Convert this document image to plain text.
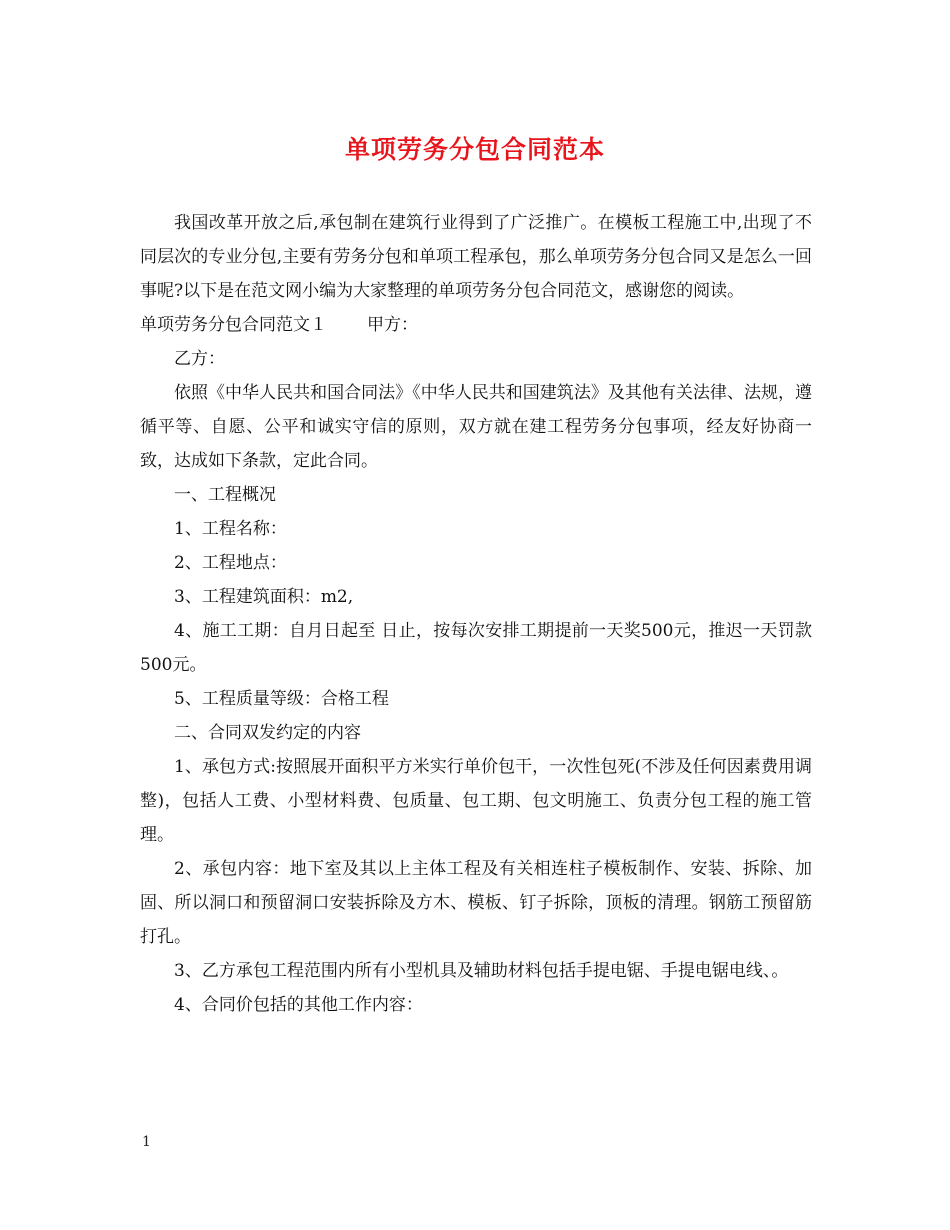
单项劳务分包合同范本

我国改革开放之后,承包制在建筑行业得到了广泛推广。在模板工程施工中,出现了不同层次的专业分包,主要有劳务分包和单项工程承包，那么单项劳务分包合同又是怎么一回事呢?以下是在范文网小编为大家整理的单项劳务分包合同范文，感谢您的阅读。

单项劳务分包合同范文１ 甲方：

乙方：

依照《中华人民共和国合同法》《中华人民共和国建筑法》及其他有关法律、法规，遵循平等、自愿、公平和诚实守信的原则，双方就在建工程劳务分包事项，经友好协商一致，达成如下条款，定此合同。

一、工程概况

1、工程名称：

2、工程地点：

3、工程建筑面积：m2,

4、施工工期：自月日起至 日止，按每次安排工期提前一天奖500元，推迟一天罚款500元。

5、工程质量等级：合格工程

二、合同双发约定的内容

1、承包方式:按照展开面积平方米实行单价包干，一次性包死(不涉及任何因素费用调整)，包括人工费、小型材料费、包质量、包工期、包文明施工、负责分包工程的施工管理。

2、承包内容：地下室及其以上主体工程及有关相连柱子模板制作、安装、拆除、加固、所以洞口和预留洞口安装拆除及方木、模板、钉子拆除，顶板的清理。钢筋工预留筋打孔。

3、乙方承包工程范围内所有小型机具及辅助材料包括手提电锯、手提电锯电线、。

4、合同价包括的其他工作内容：

1
